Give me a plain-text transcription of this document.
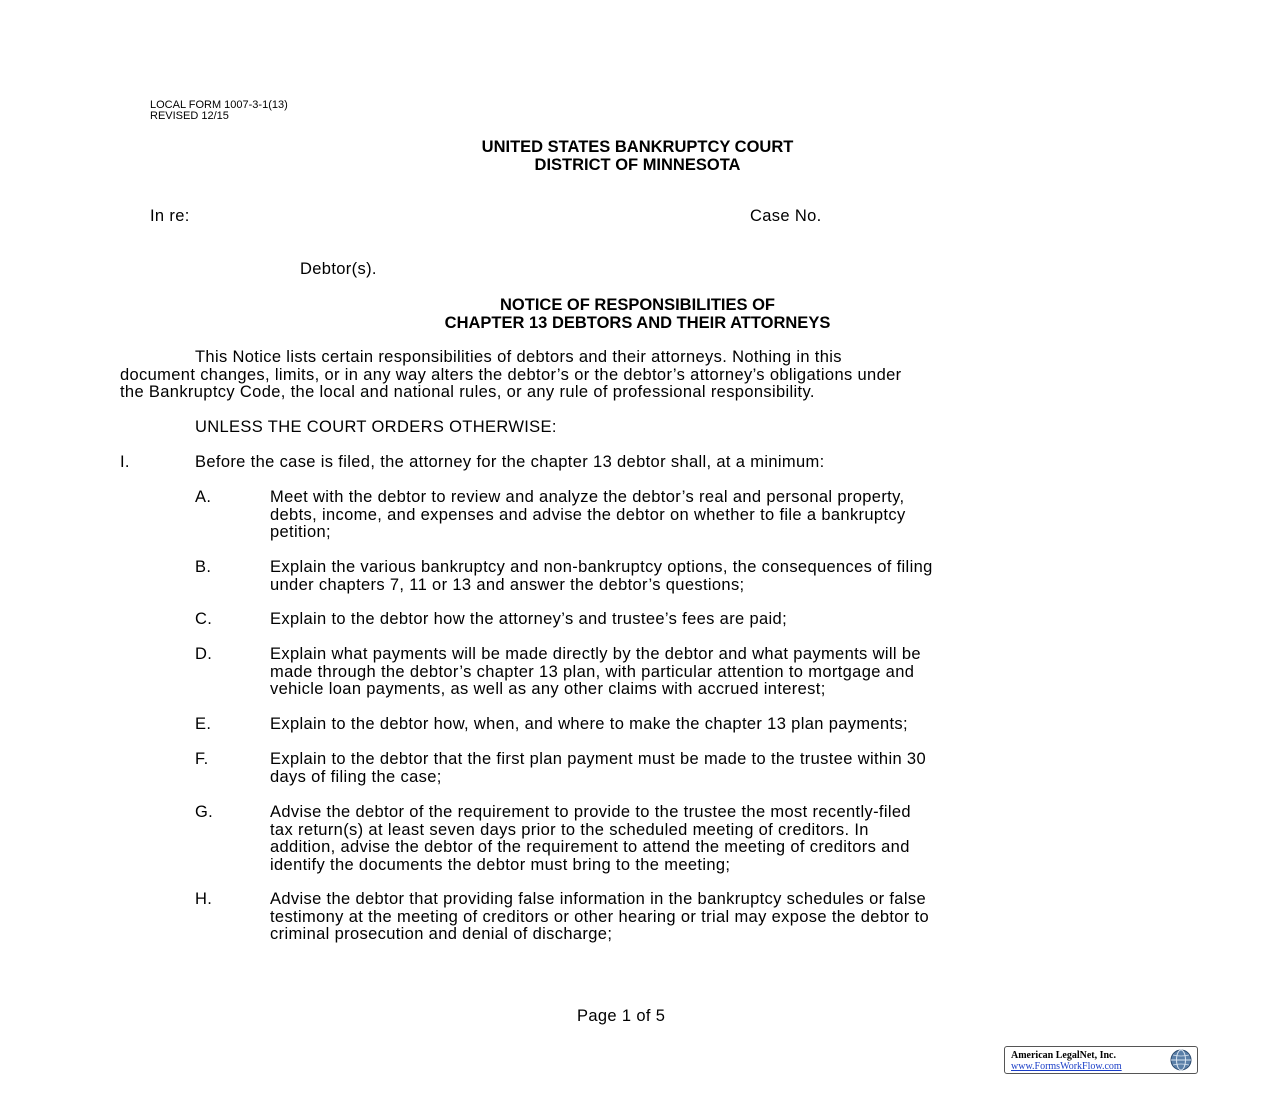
LOCAL FORM 1007-3-1(13)
REVISED 12/15
UNITED STATES BANKRUPTCY COURT
DISTRICT OF MINNESOTA
In re:	Case No.
Debtor(s).
NOTICE OF RESPONSIBILITIES OF
CHAPTER 13 DEBTORS AND THEIR ATTORNEYS

This Notice lists certain responsibilities of debtors and their attorneys. Nothing in this

document changes, limits, or in any way alters the debtor’s or the debtor’s attorney’s obligations under

the Bankruptcy Code, the local and national rules, or any rule of professional responsibility.

UNLESS THE COURT ORDERS OTHERWISE:
I.	Before the case is filed, the attorney for the chapter 13 debtor shall, at a minimum:
A.	Meet with the debtor to review and analyze the debtor’s real and personal property,
debts, income, and expenses and advise the debtor on whether to file a bankruptcy
petition;
B.	Explain the various bankruptcy and non-bankruptcy options, the consequences of filing
under chapters 7, 11 or 13 and answer the debtor’s questions;
C.	Explain to the debtor how the attorney’s and trustee’s fees are paid;
D.	Explain what payments will be made directly by the debtor and what payments will be
made through the debtor’s chapter 13 plan, with particular attention to mortgage and
vehicle loan payments, as well as any other claims with accrued interest;
E.	Explain to the debtor how, when, and where to make the chapter 13 plan payments;
F.	Explain to the debtor that the first plan payment must be made to the trustee within 30
days of filing the case;
G.	Advise the debtor of the requirement to provide to the trustee the most recently-filed
tax return(s) at least seven days prior to the scheduled meeting of creditors. In
addition, advise the debtor of the requirement to attend the meeting of creditors and
identify the documents the debtor must bring to the meeting;
H.	Advise the debtor that providing false information in the bankruptcy schedules or false
testimony at the meeting of creditors or other hearing or trial may expose the debtor to
criminal prosecution and denial of discharge;
Page 1 of 5
American LegalNet, Inc.
www.FormsWorkFlow.com
